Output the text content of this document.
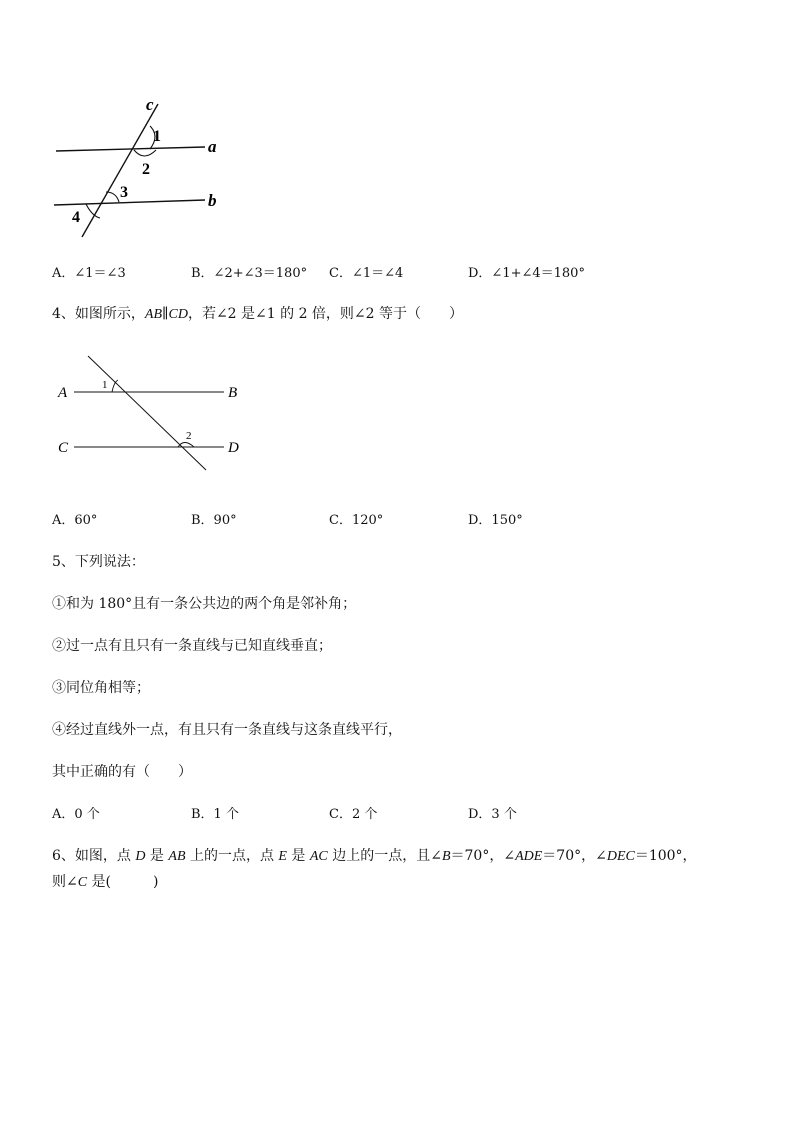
c
a
b
1
2
3
4
A．∠1＝∠3	B．∠2+∠3＝180° C．∠1＝∠4	D．∠1+∠4＝180°
4、如图所示，AB∥CD，若∠2 是∠1 的 2 倍，则∠2 等于（　　）
A	B
C	D
1
2
A．60°	B．90°	C．120°	D．150°
5、下列说法：
①和为 180°且有一条公共边的两个角是邻补角；
②过一点有且只有一条直线与已知直线垂直；
③同位角相等；
④经过直线外一点，有且只有一条直线与这条直线平行，
其中正确的有（　　）
A．0 个	B．1 个	C．2 个	D．3 个
6、如图，点 D 是 AB 上的一点，点 E 是 AC 边上的一点，且∠B＝70°，∠ADE＝70°，∠DEC＝100°，
则∠C 是(　　　)
